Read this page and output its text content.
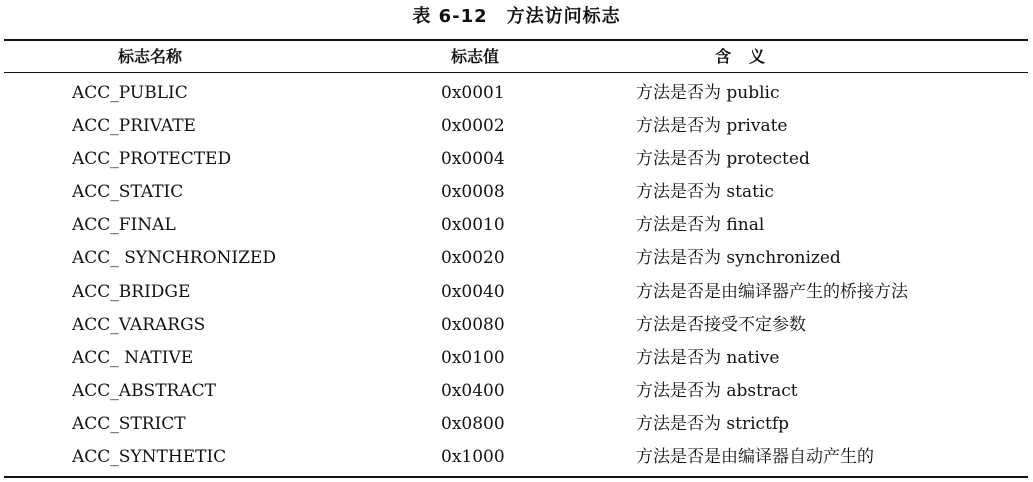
表 6-12　方法访问标志
标志名称	标志值	含义
ACC_PUBLIC	0x0001	方法是否为 public
ACC_PRIVATE	0x0002	方法是否为 private
ACC_PROTECTED	0x0004	方法是否为 protected
ACC_STATIC	0x0008	方法是否为 static
ACC_FINAL	0x0010	方法是否为 final
ACC_ SYNCHRONIZED	0x0020	方法是否为 synchronized
ACC_BRIDGE	0x0040	方法是否是由编译器产生的桥接方法
ACC_VARARGS	0x0080	方法是否接受不定参数
ACC_ NATIVE	0x0100	方法是否为 native
ACC_ABSTRACT	0x0400	方法是否为 abstract
ACC_STRICT	0x0800	方法是否为 strictfp
ACC_SYNTHETIC	0x1000	方法是否是由编译器自动产生的
